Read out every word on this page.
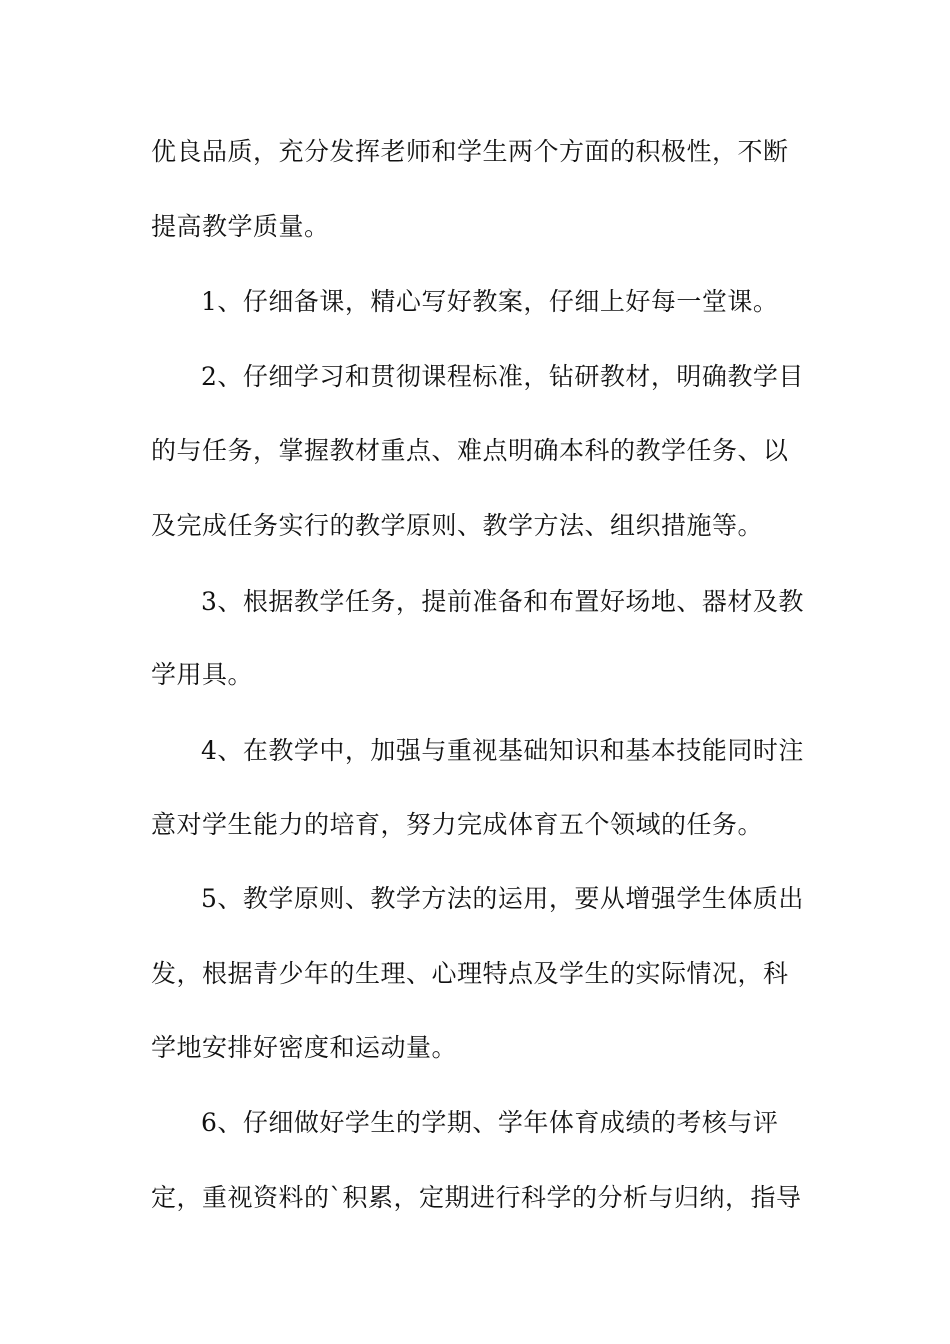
优良品质，充分发挥老师和学生两个方面的积极性，不断
提高教学质量。
1、仔细备课，精心写好教案，仔细上好每一堂课。
2、仔细学习和贯彻课程标准，钻研教材，明确教学目
的与任务，掌握教材重点、难点明确本科的教学任务、以
及完成任务实行的教学原则、教学方法、组织措施等。
3、根据教学任务，提前准备和布置好场地、器材及教
学用具。
4、在教学中，加强与重视基础知识和基本技能同时注
意对学生能力的培育，努力完成体育五个领域的任务。
5、教学原则、教学方法的运用，要从增强学生体质出
发，根据青少年的生理、心理特点及学生的实际情况，科
学地安排好密度和运动量。
6、仔细做好学生的学期、学年体育成绩的考核与评
定，重视资料的`积累，定期进行科学的分析与归纳，指导
